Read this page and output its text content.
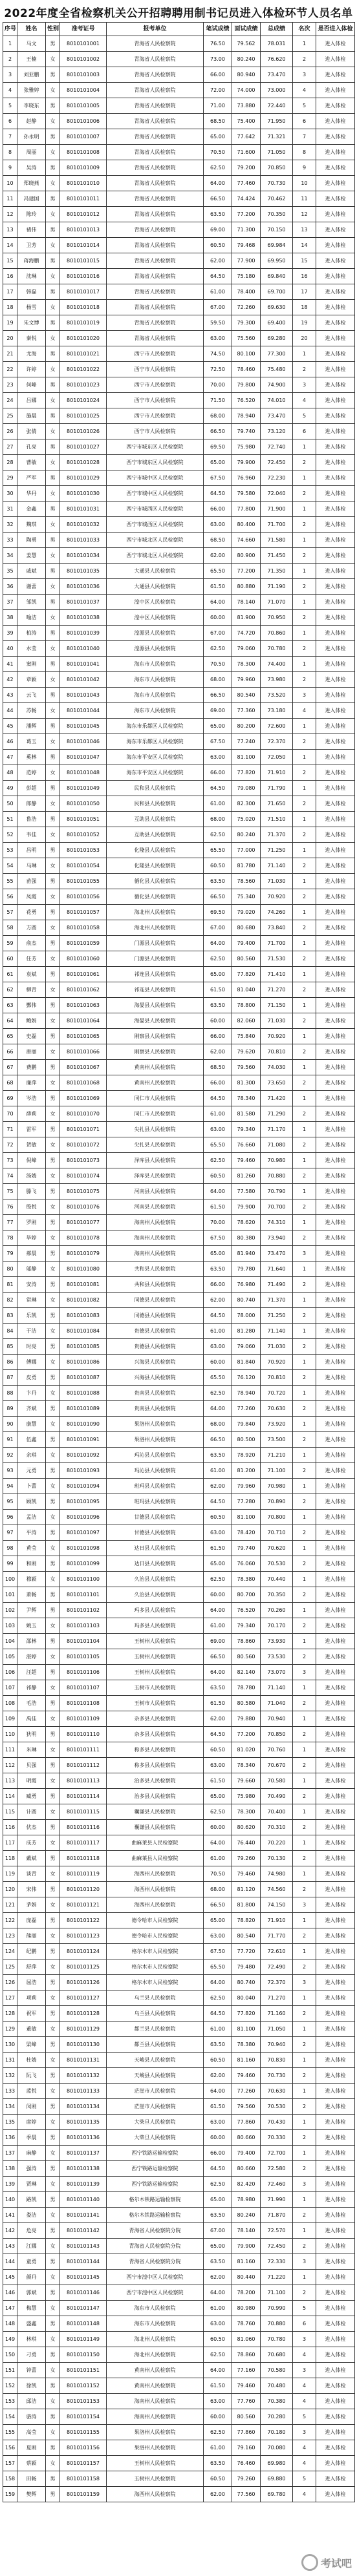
2022年度全省检察机关公开招聘聘用制书记员进入体检环节人员名单
序号	姓名	性别	准考证号	报考单位	笔试成绩	面试成绩	总成绩	名次	是否进入体检
1	马文	男	8010101001	青海省人民检察院	76.50	79.562	78.031	1	进入体检
2	王楠	女	8010101002	青海省人民检察院	73.00	80.240	76.620	2	进入体检
3	刘亚鹏	男	8010101003	青海省人民检察院	66.00	80.940	73.470	3	进入体检
4	张雅婷	女	8010101004	青海省人民检察院	72.00	74.000	73.000	4	进入体检
5	李晓东	男	8010101005	青海省人民检察院	71.00	73.880	72.440	5	进入体检
6	赵静	女	8010101006	青海省人民检察院	68.50	75.400	71.950	6	进入体检
7	孙永明	男	8010101007	青海省人民检察院	65.00	77.642	71.321	7	进入体检
8	周丽	女	8010101008	青海省人民检察院	70.50	71.600	71.050	8	进入体检
9	吴涛	男	8010101009	青海省人民检察院	62.50	79.200	70.850	9	进入体检
10	郑晓燕	女	8010101010	青海省人民检察院	64.00	77.460	70.730	10	进入体检
11	冯建国	男	8010101011	青海省人民检察院	66.50	74.424	70.462	11	进入体检
12	陈玲	女	8010101012	青海省人民检察院	63.50	77.200	70.350	12	进入体检
13	褚伟	男	8010101013	青海省人民检察院	69.00	71.300	70.150	13	进入体检
14	卫芳	女	8010101014	青海省人民检察院	60.50	79.468	69.984	14	进入体检
15	蒋海鹏	男	8010101015	青海省人民检察院	62.00	77.900	69.950	15	进入体检
16	沈琳	女	8010101016	青海省人民检察院	64.50	75.180	69.840	16	进入体检
17	韩磊	男	8010101017	青海省人民检察院	61.00	78.400	69.700	17	进入体检
18	杨雪	女	8010101018	青海省人民检察院	67.00	72.260	69.630	18	进入体检
19	朱文博	男	8010101019	青海省人民检察院	59.50	79.300	69.400	19	进入体检
20	秦悦	女	8010101020	青海省人民检察院	63.00	75.560	69.280	20	进入体检
21	尤海	男	8010101021	西宁市人民检察院	74.50	80.100	77.300	1	进入体检
22	许婷	女	8010101022	西宁市人民检察院	72.50	78.460	75.480	2	进入体检
23	何峰	男	8010101023	西宁市人民检察院	70.00	79.800	74.900	3	进入体检
24	吕娜	女	8010101024	西宁市人民检察院	71.50	76.520	74.010	4	进入体检
25	施晨	男	8010101025	西宁市人民检察院	68.00	78.940	73.470	5	进入体检
26	张倩	女	8010101026	西宁市人民检察院	66.50	79.740	73.120	6	进入体检
27	孔亮	男	8010101027	西宁市城东区人民检察院	69.50	75.980	72.740	1	进入体检
28	曹敏	女	8010101028	西宁市城东区人民检察院	65.00	79.900	72.450	2	进入体检
29	严军	男	8010101029	西宁市城中区人民检察院	67.50	76.960	72.230	1	进入体检
30	华丹	女	8010101030	西宁市城中区人民检察院	64.50	79.580	72.040	2	进入体检
31	金鑫	男	8010101031	西宁市城西区人民检察院	66.00	77.800	71.900	1	进入体检
32	魏琪	女	8010101032	西宁市城西区人民检察院	63.00	80.400	71.700	2	进入体检
33	陶勇	男	8010101033	西宁市城北区人民检察院	68.50	74.660	71.580	1	进入体检
34	姜慧	女	8010101034	西宁市城北区人民检察院	62.00	80.900	71.450	2	进入体检
35	戚斌	男	8010101035	大通县人民检察院	65.50	77.200	71.350	1	进入体检
36	谢蕾	女	8010101036	大通县人民检察院	61.50	80.880	71.190	2	进入体检
37	邹凯	男	8010101037	湟中区人民检察院	64.00	78.140	71.070	1	进入体检
38	喻洁	女	8010101038	湟中区人民检察院	60.00	81.900	70.950	2	进入体检
39	柏涛	男	8010101039	湟源县人民检察院	67.00	74.720	70.860	1	进入体检
40	水莹	女	8010101040	湟源县人民检察院	62.50	79.060	70.780	2	进入体检
41	窦刚	男	8010101041	海东市人民检察院	70.50	78.300	74.400	1	进入体检
42	章颖	女	8010101042	海东市人民检察院	68.00	79.960	73.980	2	进入体检
43	云飞	男	8010101043	海东市人民检察院	66.50	80.540	73.520	3	进入体检
44	苏畅	女	8010101044	海东市人民检察院	69.00	77.360	73.180	4	进入体检
45	潘辉	男	8010101045	海东市乐都区人民检察院	65.00	80.200	72.600	1	进入体检
46	葛玉	女	8010101046	海东市乐都区人民检察院	67.50	77.240	72.370	2	进入体检
47	奚林	男	8010101047	海东市平安区人民检察院	63.00	81.100	72.050	1	进入体检
48	范婷	女	8010101048	海东市平安区人民检察院	66.00	77.820	71.910	2	进入体检
49	彭超	男	8010101049	民和县人民检察院	64.50	79.080	71.790	1	进入体检
50	郎静	女	8010101050	民和县人民检察院	61.00	82.300	71.650	2	进入体检
51	鲁浩	男	8010101051	互助县人民检察院	68.00	75.020	71.510	1	进入体检
52	韦佳	女	8010101052	互助县人民检察院	62.50	80.240	71.370	2	进入体检
53	昌明	男	8010101053	化隆县人民检察院	65.50	77.000	71.250	1	进入体检
54	马琳	女	8010101054	化隆县人民检察院	60.50	81.780	71.140	2	进入体检
55	苗强	男	8010101055	循化县人民检察院	63.50	78.560	71.030	1	进入体检
56	凤霞	女	8010101056	循化县人民检察院	66.50	75.340	70.920	2	进入体检
57	花勇	男	8010101057	海北州人民检察院	69.50	79.020	74.260	1	进入体检
58	方圆	女	8010101058	海北州人民检察院	67.00	80.680	73.840	2	进入体检
59	俞杰	男	8010101059	门源县人民检察院	64.00	79.400	71.700	1	进入体检
60	任芳	女	8010101060	门源县人民检察院	62.50	80.560	71.530	2	进入体检
61	袁斌	男	8010101061	祁连县人民检察院	65.00	77.820	71.410	1	进入体检
62	柳青	女	8010101062	祁连县人民检察院	61.50	81.040	71.270	2	进入体检
63	酆伟	男	8010101063	海晏县人民检察院	63.50	78.800	71.150	1	进入体检
64	鲍娟	女	8010101064	海晏县人民检察院	60.00	82.060	71.030	2	进入体检
65	史磊	男	8010101065	刚察县人民检察院	66.00	75.840	70.920	1	进入体检
66	唐丽	女	8010101066	刚察县人民检察院	62.00	79.620	70.810	2	进入体检
67	费鹏	男	8010101067	黄南州人民检察院	68.50	79.560	74.030	1	进入体检
68	廉萍	女	8010101068	黄南州人民检察院	66.00	81.300	73.650	2	进入体检
69	岑浩	男	8010101069	同仁市人民检察院	64.50	78.340	71.420	1	进入体检
70	薛莉	女	8010101070	同仁市人民检察院	61.00	81.580	71.290	2	进入体检
71	雷军	男	8010101071	尖扎县人民检察院	63.00	79.340	71.170	1	进入体检
72	贺敏	女	8010101072	尖扎县人民检察院	65.50	76.660	71.080	2	进入体检
73	倪峰	男	8010101073	泽库县人民检察院	62.50	79.460	70.980	1	进入体检
74	汤婧	女	8010101074	泽库县人民检察院	60.50	81.260	70.880	2	进入体检
75	滕飞	男	8010101075	河南县人民检察院	64.00	77.580	70.790	1	进入体检
76	殷悦	女	8010101076	河南县人民检察院	61.50	79.900	70.700	2	进入体检
77	罗刚	男	8010101077	海南州人民检察院	70.00	78.620	74.310	1	进入体检
78	毕婷	女	8010101078	海南州人民检察院	67.50	80.380	73.940	2	进入体检
79	郝晨	男	8010101079	海南州人民检察院	65.00	81.940	73.470	3	进入体检
80	邬静	女	8010101080	共和县人民检察院	63.50	79.780	71.640	1	进入体检
81	安涛	男	8010101081	共和县人民检察院	66.00	76.980	71.490	2	进入体检
82	常琳	女	8010101082	同德县人民检察院	62.00	80.740	71.370	1	进入体检
83	乐凯	男	8010101083	同德县人民检察院	64.50	78.000	71.250	2	进入体检
84	于洁	女	8010101084	贵德县人民检察院	61.00	81.280	71.140	1	进入体检
85	时亮	男	8010101085	贵德县人民检察院	63.00	79.060	71.030	2	进入体检
86	傅娜	女	8010101086	兴海县人民检察院	60.00	81.840	70.920	1	进入体检
87	皮勇	男	8010101087	兴海县人民检察院	65.50	76.120	70.810	2	进入体检
88	卞丹	女	8010101088	贵南县人民检察院	62.50	78.940	70.720	1	进入体检
89	齐斌	男	8010101089	贵南县人民检察院	64.00	77.260	70.630	2	进入体检
90	康慧	女	8010101090	果洛州人民检察院	68.00	79.840	73.920	1	进入体检
91	伍鑫	男	8010101091	果洛州人民检察院	66.50	80.500	73.500	2	进入体检
92	余琪	女	8010101092	玛沁县人民检察院	63.50	78.920	71.210	1	进入体检
93	元勇	男	8010101093	玛沁县人民检察院	61.00	81.200	71.100	2	进入体检
94	卜蕾	女	8010101094	班玛县人民检察院	62.00	79.960	70.980	1	进入体检
95	顾凯	男	8010101095	班玛县人民检察院	64.50	77.280	70.890	2	进入体检
96	孟洁	女	8010101096	甘德县人民检察院	60.50	81.100	70.800	1	进入体检
97	平涛	男	8010101097	甘德县人民检察院	63.00	78.420	70.710	2	进入体检
98	黄莹	女	8010101098	达日县人民检察院	61.50	79.740	70.620	1	进入体检
99	和刚	男	8010101099	达日县人民检察院	65.00	76.060	70.530	2	进入体检
100	穆颖	女	8010101100	久治县人民检察院	62.50	78.380	70.440	1	进入体检
101	萧畅	男	8010101101	久治县人民检察院	60.00	80.700	70.350	2	进入体检
102	尹辉	男	8010101102	玛多县人民检察院	64.00	76.520	70.260	1	进入体检
103	姚玉	女	8010101103	玛多县人民检察院	61.00	79.340	70.170	2	进入体检
104	邵林	男	8010101104	玉树州人民检察院	69.00	78.860	73.930	1	进入体检
105	湛婷	女	8010101105	玉树州人民检察院	66.50	80.560	73.530	2	进入体检
106	汪超	男	8010101106	玉树州人民检察院	64.00	82.140	73.070	3	进入体检
107	祁静	女	8010101107	玉树市人民检察院	63.50	78.780	71.140	1	进入体检
108	毛浩	男	8010101108	玉树市人民检察院	61.50	80.580	71.040	2	进入体检
109	禹佳	女	8010101109	杂多县人民检察院	62.00	79.880	70.940	1	进入体检
110	狄明	男	8010101110	杂多县人民检察院	64.50	77.200	70.850	2	进入体检
111	米琳	女	8010101111	称多县人民检察院	60.50	81.020	70.760	1	进入体检
112	贝强	男	8010101112	称多县人民检察院	63.00	78.340	70.670	2	进入体检
113	明霞	女	8010101113	治多县人民检察院	61.50	79.660	70.580	1	进入体检
114	臧勇	男	8010101114	治多县人民检察院	65.00	75.980	70.490	2	进入体检
115	计圆	女	8010101115	囊谦县人民检察院	62.50	78.300	70.400	1	进入体检
116	伏杰	男	8010101116	囊谦县人民检察院	60.00	80.620	70.310	2	进入体检
117	成芳	女	8010101117	曲麻莱县人民检察院	64.00	76.440	70.220	1	进入体检
118	戴斌	男	8010101118	曲麻莱县人民检察院	61.00	79.260	70.130	2	进入体检
119	谈青	女	8010101119	海西州人民检察院	70.50	79.460	74.980	1	进入体检
120	宋伟	男	8010101120	海西州人民检察院	68.00	81.120	74.560	2	进入体检
121	茅娟	女	8010101121	海西州人民检察院	66.50	81.800	74.150	3	进入体检
122	庞磊	男	8010101122	德令哈市人民检察院	65.00	78.820	71.910	1	进入体检
123	熊丽	女	8010101123	德令哈市人民检察院	63.00	80.540	71.770	2	进入体检
124	纪鹏	男	8010101124	格尔木市人民检察院	67.50	77.720	72.610	1	进入体检
125	舒萍	女	8010101125	格尔木市人民检察院	65.50	79.480	72.490	2	进入体检
126	屈浩	男	8010101126	格尔木市人民检察院	64.00	80.740	72.370	3	进入体检
127	项莉	女	8010101127	乌兰县人民检察院	62.50	80.040	71.270	1	进入体检
128	祝军	男	8010101128	乌兰县人民检察院	64.50	77.820	71.160	2	进入体检
129	董敏	女	8010101129	都兰县人民检察院	61.00	81.100	71.050	1	进入体检
130	梁峰	男	8010101130	都兰县人民检察院	63.50	78.380	70.940	2	进入体检
131	杜婧	女	8010101131	天峻县人民检察院	60.50	81.160	70.830	1	进入体检
132	阮飞	男	8010101132	天峻县人民检察院	62.00	79.460	70.730	2	进入体检
133	蓝悦	女	8010101133	茫崖市人民检察院	64.00	77.260	70.630	1	进入体检
134	闵刚	男	8010101134	茫崖市人民检察院	61.50	79.560	70.530	2	进入体检
135	席婷	女	8010101135	大柴旦人民检察院	63.00	77.860	70.430	1	进入体检
136	季晨	男	8010101136	大柴旦人民检察院	60.00	80.660	70.330	2	进入体检
137	麻静	女	8010101137	西宁铁路运输检察院	66.00	79.400	72.700	1	进入体检
138	强涛	男	8010101138	西宁铁路运输检察院	64.50	80.660	72.580	2	进入体检
139	贾琳	女	8010101139	西宁铁路运输检察院	62.50	82.420	72.460	3	进入体检
140	路凯	男	8010101140	格尔木铁路运输检察院	65.00	78.980	71.990	1	进入体检
141	娄洁	女	8010101141	格尔木铁路运输检察院	63.50	80.240	71.870	2	进入体检
142	危亮	男	8010101142	青海省人民检察院分院	67.00	78.140	72.570	1	进入体检
143	江娜	女	8010101143	青海省人民检察院分院	65.00	79.900	72.450	2	进入体检
144	童勇	男	8010101144	青海省人民检察院分院	63.50	81.160	72.330	3	进入体检
145	颜丹	女	8010101145	西宁市湟中区人民检察院	62.00	80.440	71.220	1	进入体检
146	郭斌	男	8010101146	西宁市湟中区人民检察院	64.00	78.200	71.100	2	进入体检
147	梅慧	女	8010101147	海东市人民检察院	61.00	80.980	70.990	5	进入体检
148	盛鑫	男	8010101148	海东市人民检察院	63.00	78.760	70.880	6	进入体检
149	林琪	女	8010101149	海北州人民检察院	60.50	81.060	70.780	3	进入体检
150	刁勇	男	8010101150	海北州人民检察院	62.50	78.860	70.680	4	进入体检
151	钟蕾	女	8010101151	黄南州人民检察院	64.00	77.160	70.580	3	进入体检
152	徐凯	男	8010101152	黄南州人民检察院	61.50	79.460	70.480	4	进入体检
153	邱洁	女	8010101153	海南州人民检察院	63.00	77.760	70.380	4	进入体检
154	骆涛	男	8010101154	海南州人民检察院	60.00	80.560	70.280	5	进入体检
155	高莹	女	8010101155	果洛州人民检察院	62.50	77.860	70.180	3	进入体检
156	夏刚	男	8010101156	果洛州人民检察院	61.00	79.160	70.080	4	进入体检
157	蔡颖	女	8010101157	玉树州人民检察院	63.50	76.460	69.980	4	进入体检
158	田畅	男	8010101158	玉树州人民检察院	60.50	79.260	69.880	5	进入体检
159	樊辉	男	8010101159	海西州人民检察院	62.00	77.560	69.780	4	进入体检
考试吧
